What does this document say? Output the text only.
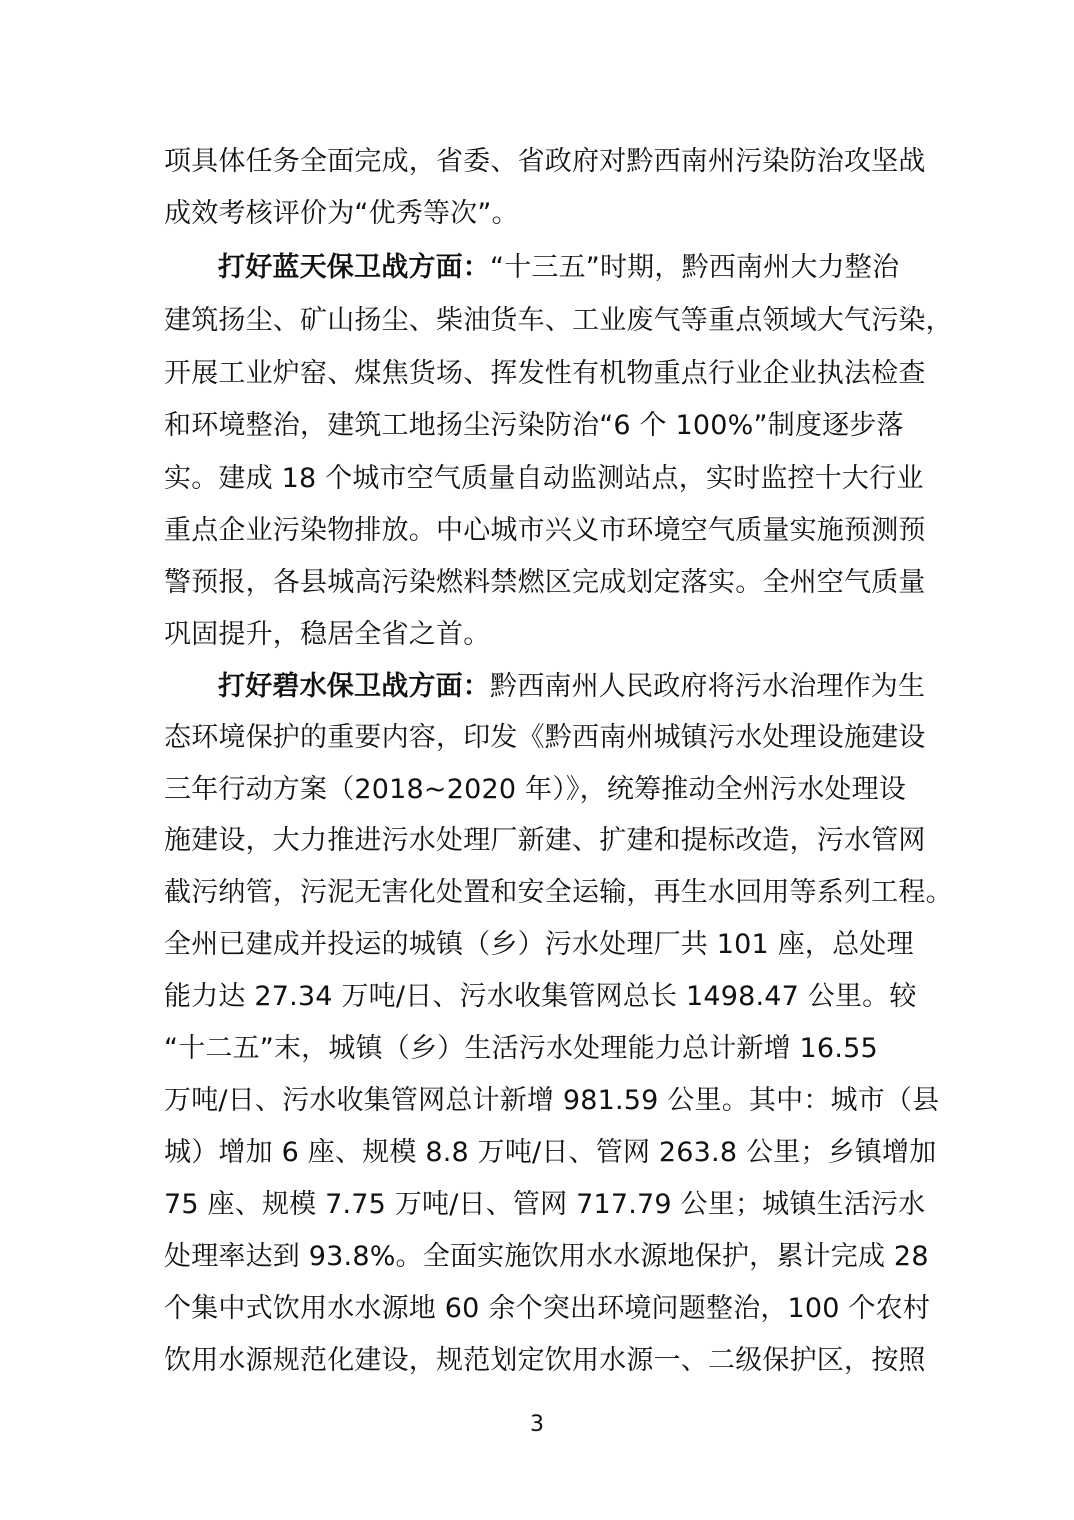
项具体任务全面完成，省委、省政府对黔西南州污染防治攻坚战
成效考核评价为“优秀等次”。
打好蓝天保卫战方面：“十三五”时期，黔西南州大力整治
建筑扬尘、矿山扬尘、柴油货车、工业废气等重点领域大气污染，
开展工业炉窑、煤焦货场、挥发性有机物重点行业企业执法检查
和环境整治，建筑工地扬尘污染防治“6 个 100%”制度逐步落
实。建成 18 个城市空气质量自动监测站点，实时监控十大行业
重点企业污染物排放。中心城市兴义市环境空气质量实施预测预
警预报，各县城高污染燃料禁燃区完成划定落实。全州空气质量
巩固提升，稳居全省之首。
打好碧水保卫战方面：黔西南州人民政府将污水治理作为生
态环境保护的重要内容，印发《黔西南州城镇污水处理设施建设
三年行动方案（2018~2020 年）》，统筹推动全州污水处理设
施建设，大力推进污水处理厂新建、扩建和提标改造，污水管网
截污纳管，污泥无害化处置和安全运输，再生水回用等系列工程。
全州已建成并投运的城镇（乡）污水处理厂共 101 座，总处理
能力达 27.34 万吨/日、污水收集管网总长 1498.47 公里。较
“十二五”末，城镇（乡）生活污水处理能力总计新增 16.55
万吨/日、污水收集管网总计新增 981.59 公里。其中：城市（县
城）增加 6 座、规模 8.8 万吨/日、管网 263.8 公里；乡镇增加
75 座、规模 7.75 万吨/日、管网 717.79 公里；城镇生活污水
处理率达到 93.8%。全面实施饮用水水源地保护，累计完成 28
个集中式饮用水水源地 60 余个突出环境问题整治，100 个农村
饮用水源规范化建设，规范划定饮用水源一、二级保护区，按照
3
